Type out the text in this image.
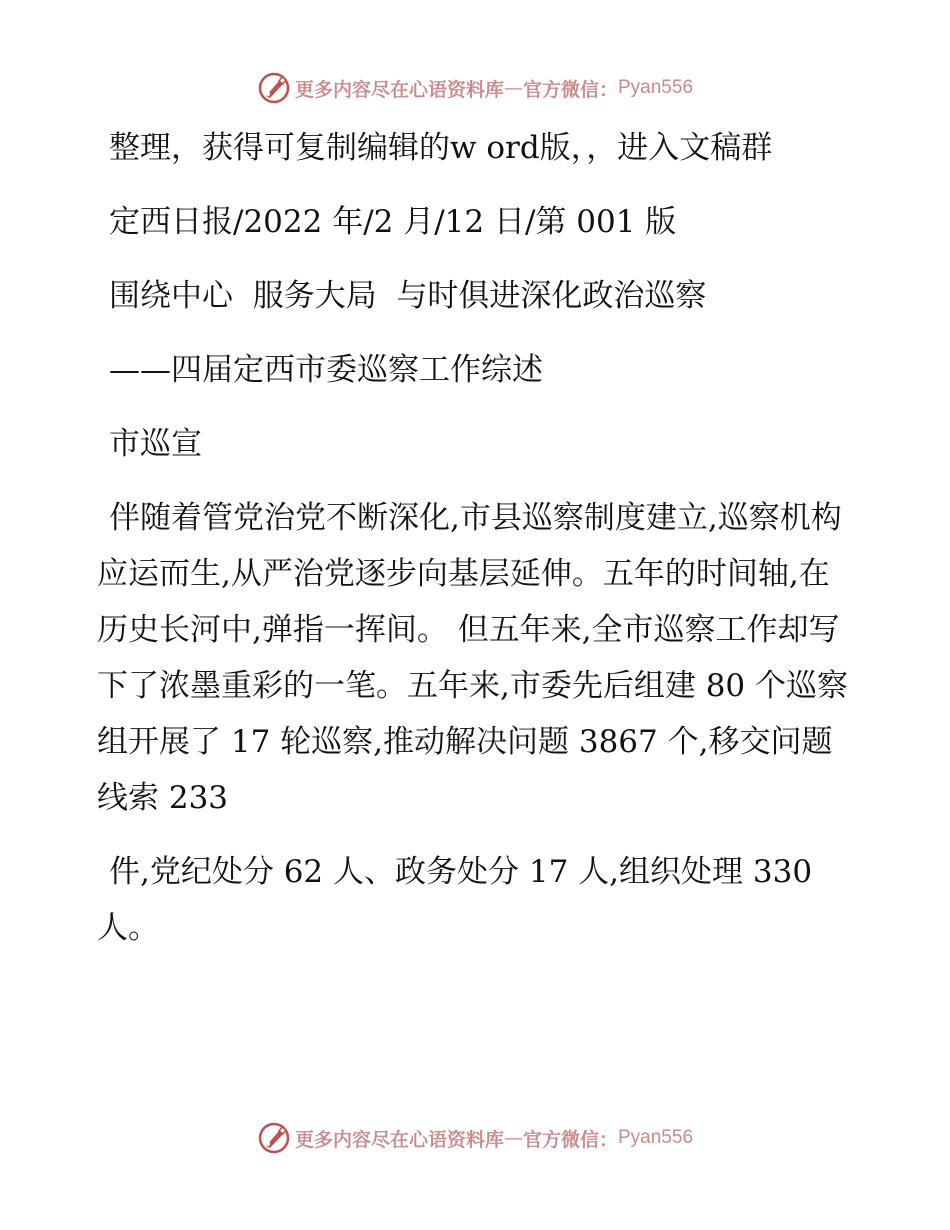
更多内容尽在心语资料库 — 官方微信： Pyan556

整理，获得可复制编辑的w ord版，，进入文稿群

定西日报/2022 年/2 月/12 日/第 001 版

围绕中心  服务大局  与时俱进深化政治巡察

——四届定西市委巡察工作综述

市巡宣

伴随着管党治党不断深化,市县巡察制度建立,巡察机构应运而生,从严治党逐步向基层延伸。五年的时间轴,在历史长河中,弹指一挥间。 但五年来,全市巡察工作却写下了浓墨重彩的一笔。五年来,市委先后组建 80 个巡察组开展了 17 轮巡察,推动解决问题 3867 个,移交问题线索 233

件,党纪处分 62 人、政务处分 17 人,组织处理 330 人。

更多内容尽在心语资料库 — 官方微信： Pyan556
